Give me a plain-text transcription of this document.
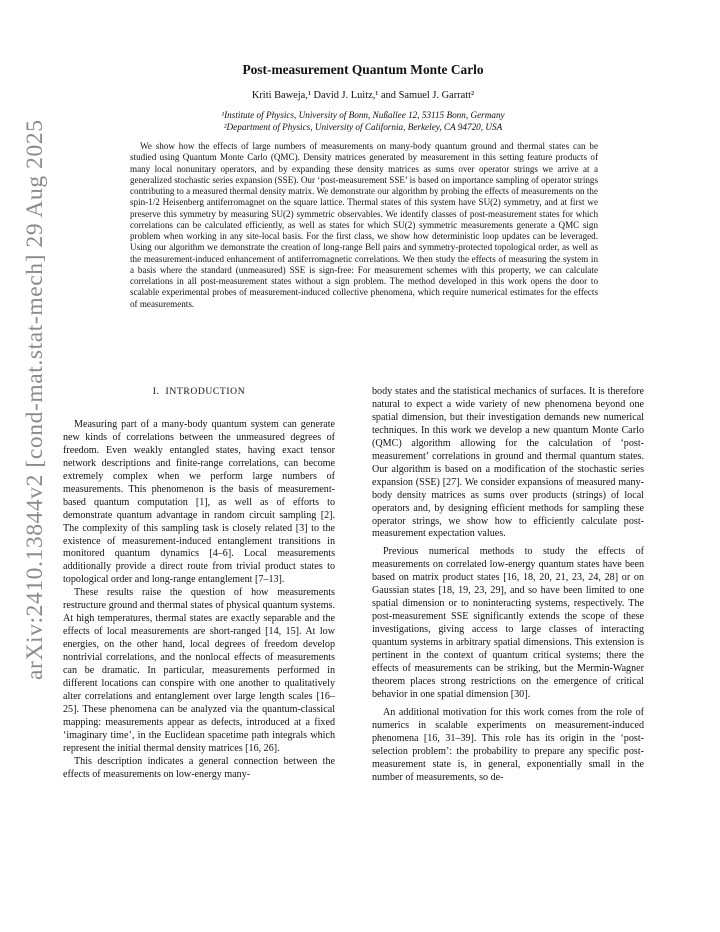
arXiv:2410.13844v2 [cond-mat.stat-mech] 29 Aug 2025
Post-measurement Quantum Monte Carlo
Kriti Baweja,¹ David J. Luitz,¹ and Samuel J. Garratt²
¹Institute of Physics, University of Bonn, Nußallee 12, 53115 Bonn, Germany
²Department of Physics, University of California, Berkeley, CA 94720, USA
We show how the effects of large numbers of measurements on many-body quantum ground and thermal states can be studied using Quantum Monte Carlo (QMC). Density matrices generated by measurement in this setting feature products of many local nonunitary operators, and by expanding these density matrices as sums over operator strings we arrive at a generalized stochastic series expansion (SSE). Our ‘post-measurement SSE’ is based on importance sampling of operator strings contributing to a measured thermal density matrix. We demonstrate our algorithm by probing the effects of measurements on the spin-1/2 Heisenberg antiferromagnet on the square lattice. Thermal states of this system have SU(2) symmetry, and at first we preserve this symmetry by measuring SU(2) symmetric observables. We identify classes of post-measurement states for which correlations can be calculated efficiently, as well as states for which SU(2) symmetric measurements generate a QMC sign problem when working in any site-local basis. For the first class, we show how deterministic loop updates can be leveraged. Using our algorithm we demonstrate the creation of long-range Bell pairs and symmetry-protected topological order, as well as the measurement-induced enhancement of antiferromagnetic correlations. We then study the effects of measuring the system in a basis where the standard (unmeasured) SSE is sign-free: For measurement schemes with this property, we can calculate correlations in all post-measurement states without a sign problem. The method developed in this work opens the door to scalable experimental probes of measurement-induced collective phenomena, which require numerical estimates for the effects of measurements.
I. INTRODUCTION

Measuring part of a many-body quantum system can generate new kinds of correlations between the unmeasured degrees of freedom. Even weakly entangled states, having exact tensor network descriptions and finite-range correlations, can become extremely complex when we perform large numbers of measurements. This phenomenon is the basis of measurement-based quantum computation [1], as well as of efforts to demonstrate quantum advantage in random circuit sampling [2]. The complexity of this sampling task is closely related [3] to the existence of measurement-induced entanglement transitions in monitored quantum dynamics [4–6]. Local measurements additionally provide a direct route from trivial product states to topological order and long-range entanglement [7–13].

These results raise the question of how measurements restructure ground and thermal states of physical quantum systems. At high temperatures, thermal states are exactly separable and the effects of local measurements are short-ranged [14, 15]. At low energies, on the other hand, local degrees of freedom develop nontrivial correlations, and the nonlocal effects of measurements can be dramatic. In particular, measurements performed in different locations can conspire with one another to qualitatively alter correlations and entanglement over large length scales [16–25]. These phenomena can be analyzed via the quantum-classical mapping: measurements appear as defects, introduced at a fixed ‘imaginary time’, in the Euclidean spacetime path integrals which represent the initial thermal density matrices [16, 26].

This description indicates a general connection between the effects of measurements on low-energy many-

body states and the statistical mechanics of surfaces. It is therefore natural to expect a wide variety of new phenomena beyond one spatial dimension, but their investigation demands new numerical techniques. In this work we develop a new quantum Monte Carlo (QMC) algorithm allowing for the calculation of ‘post-measurement’ correlations in ground and thermal quantum states. Our algorithm is based on a modification of the stochastic series expansion (SSE) [27]. We consider expansions of measured many-body density matrices as sums over products (strings) of local operators and, by designing efficient methods for sampling these operator strings, we show how to efficiently calculate post-measurement expectation values.

Previous numerical methods to study the effects of measurements on correlated low-energy quantum states have been based on matrix product states [16, 18, 20, 21, 23, 24, 28] or on Gaussian states [18, 19, 23, 29], and so have been limited to one spatial dimension or to noninteracting systems, respectively. The post-measurement SSE significantly extends the scope of these investigations, giving access to large classes of interacting quantum systems in arbitrary spatial dimensions. This extension is pertinent in the context of quantum critical systems; there the effects of measurements can be striking, but the Mermin-Wagner theorem places strong restrictions on the emergence of critical behavior in one spatial dimension [30].

An additional motivation for this work comes from the role of numerics in scalable experiments on measurement-induced phenomena [16, 31–39]. This role has its origin in the ‘post-selection problem’: the probability to prepare any specific post-measurement state is, in general, exponentially small in the number of measurements, so de-
